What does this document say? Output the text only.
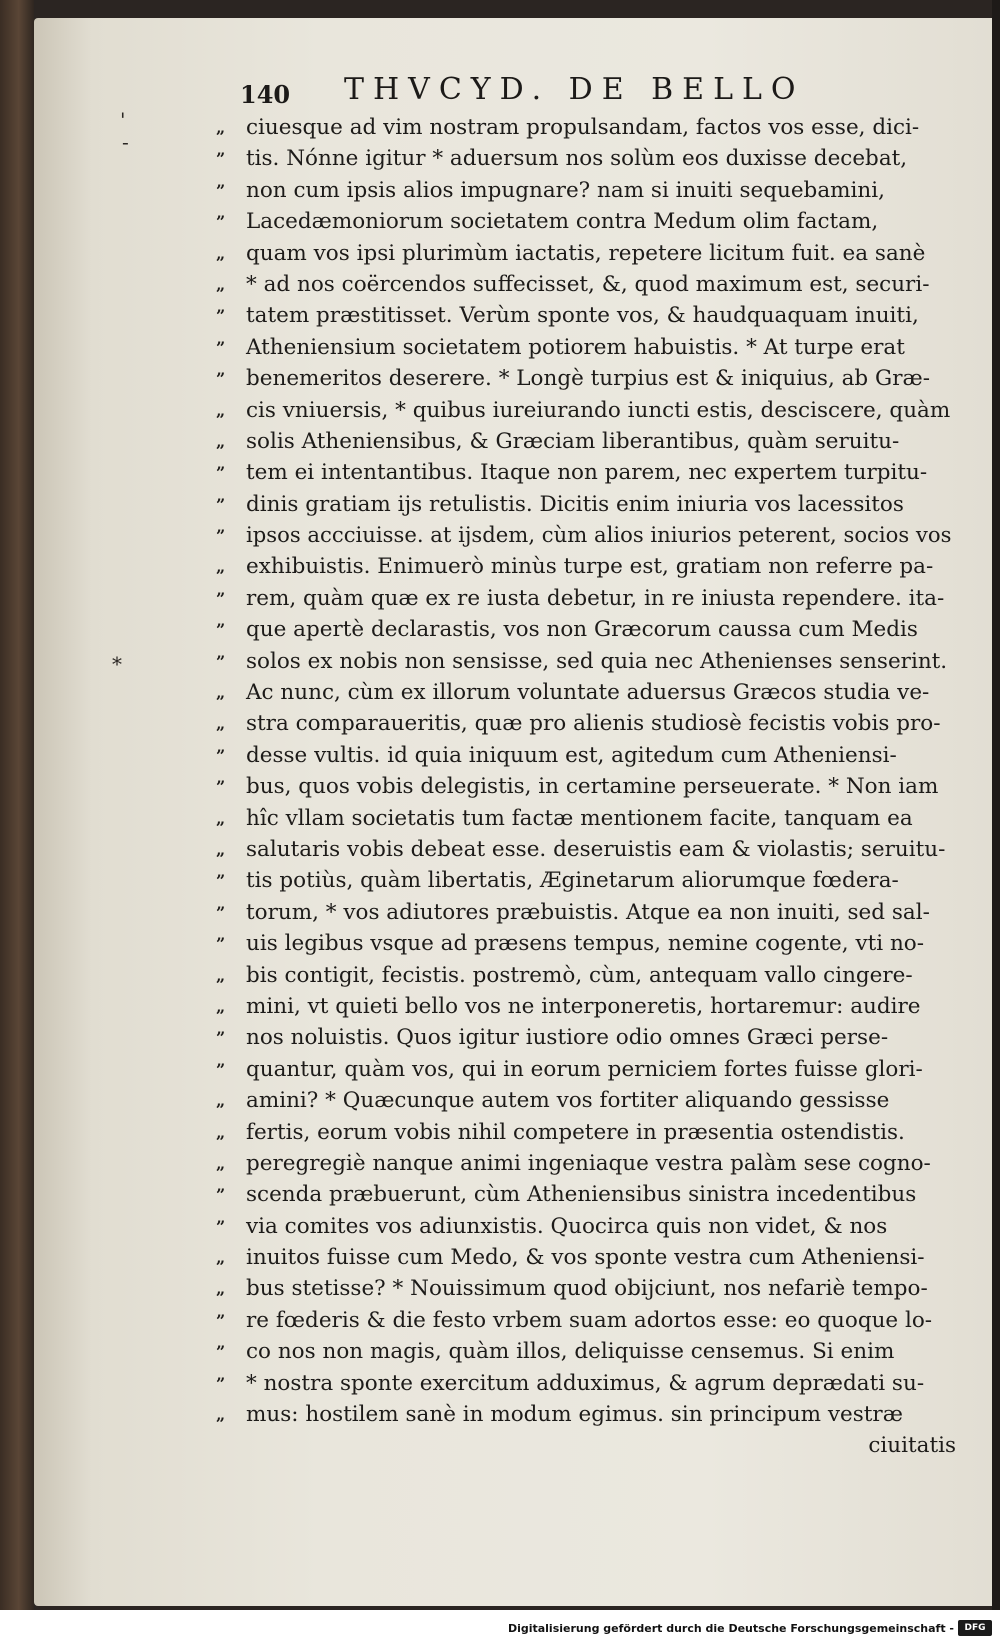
'
-
*
140 THVCYD. DE BELLO
„ ciuesque ad vim nostram propulsandam, factos vos esse, dici-
” tis. Nónne igitur * aduersum nos solùm eos duxisse decebat,
” non cum ipsis alios impugnare? nam si inuiti sequebamini,
” Lacedæmoniorum societatem contra Medum olim factam,
„ quam vos ipsi plurimùm iactatis, repetere licitum fuit. ea sanè
„ * ad nos coërcendos suffecisset, &, quod maximum est, securi-
” tatem præstitisset. Verùm sponte vos, & haudquaquam inuiti,
” Atheniensium societatem potiorem habuistis. * At turpe erat
” benemeritos deserere. * Longè turpius est & iniquius, ab Græ-
„ cis vniuersis, * quibus iureiurando iuncti estis, desciscere, quàm
„ solis Atheniensibus, & Græciam liberantibus, quàm seruitu-
” tem ei intentantibus. Itaque non parem, nec expertem turpitu-
” dinis gratiam ijs retulistis. Dicitis enim iniuria vos lacessitos
” ipsos accciuisse. at ijsdem, cùm alios iniurios peterent, socios vos
„ exhibuistis. Enimuerò minùs turpe est, gratiam non referre pa-
” rem, quàm quæ ex re iusta debetur, in re iniusta rependere. ita-
” que apertè declarastis, vos non Græcorum caussa cum Medis
” solos ex nobis non sensisse, sed quia nec Athenienses senserint.
„ Ac nunc, cùm ex illorum voluntate aduersus Græcos studia ve-
„ stra comparaueritis, quæ pro alienis studiosè fecistis vobis pro-
” desse vultis. id quia iniquum est, agitedum cum Atheniensi-
” bus, quos vobis delegistis, in certamine perseuerate. * Non iam
„ hîc vllam societatis tum factæ mentionem facite, tanquam ea
„ salutaris vobis debeat esse. deseruistis eam & violastis; seruitu-
” tis potiùs, quàm libertatis, Æginetarum aliorumque fœdera-
” torum, * vos adiutores præbuistis. Atque ea non inuiti, sed sal-
” uis legibus vsque ad præsens tempus, nemine cogente, vti no-
„ bis contigit, fecistis. postremò, cùm, antequam vallo cingere-
„ mini, vt quieti bello vos ne interponeretis, hortaremur: audire
” nos noluistis. Quos igitur iustiore odio omnes Græci perse-
” quantur, quàm vos, qui in eorum perniciem fortes fuisse glori-
„ amini? * Quæcunque autem vos fortiter aliquando gessisse
„ fertis, eorum vobis nihil competere in præsentia ostendistis.
„ peregregiè nanque animi ingeniaque vestra palàm sese cogno-
” scenda præbuerunt, cùm Atheniensibus sinistra incedentibus
” via comites vos adiunxistis. Quocirca quis non videt, & nos
„ inuitos fuisse cum Medo, & vos sponte vestra cum Atheniensi-
„ bus stetisse? * Nouissimum quod obijciunt, nos nefariè tempo-
” re fœderis & die festo vrbem suam adortos esse: eo quoque lo-
” co nos non magis, quàm illos, deliquisse censemus. Si enim
” * nostra sponte exercitum adduximus, & agrum deprædati su-
„ mus: hostilem sanè in modum egimus. sin principum vestræ
ciuitatis
Digitalisierung gefördert durch die Deutsche Forschungsgemeinschaft -	DFG
